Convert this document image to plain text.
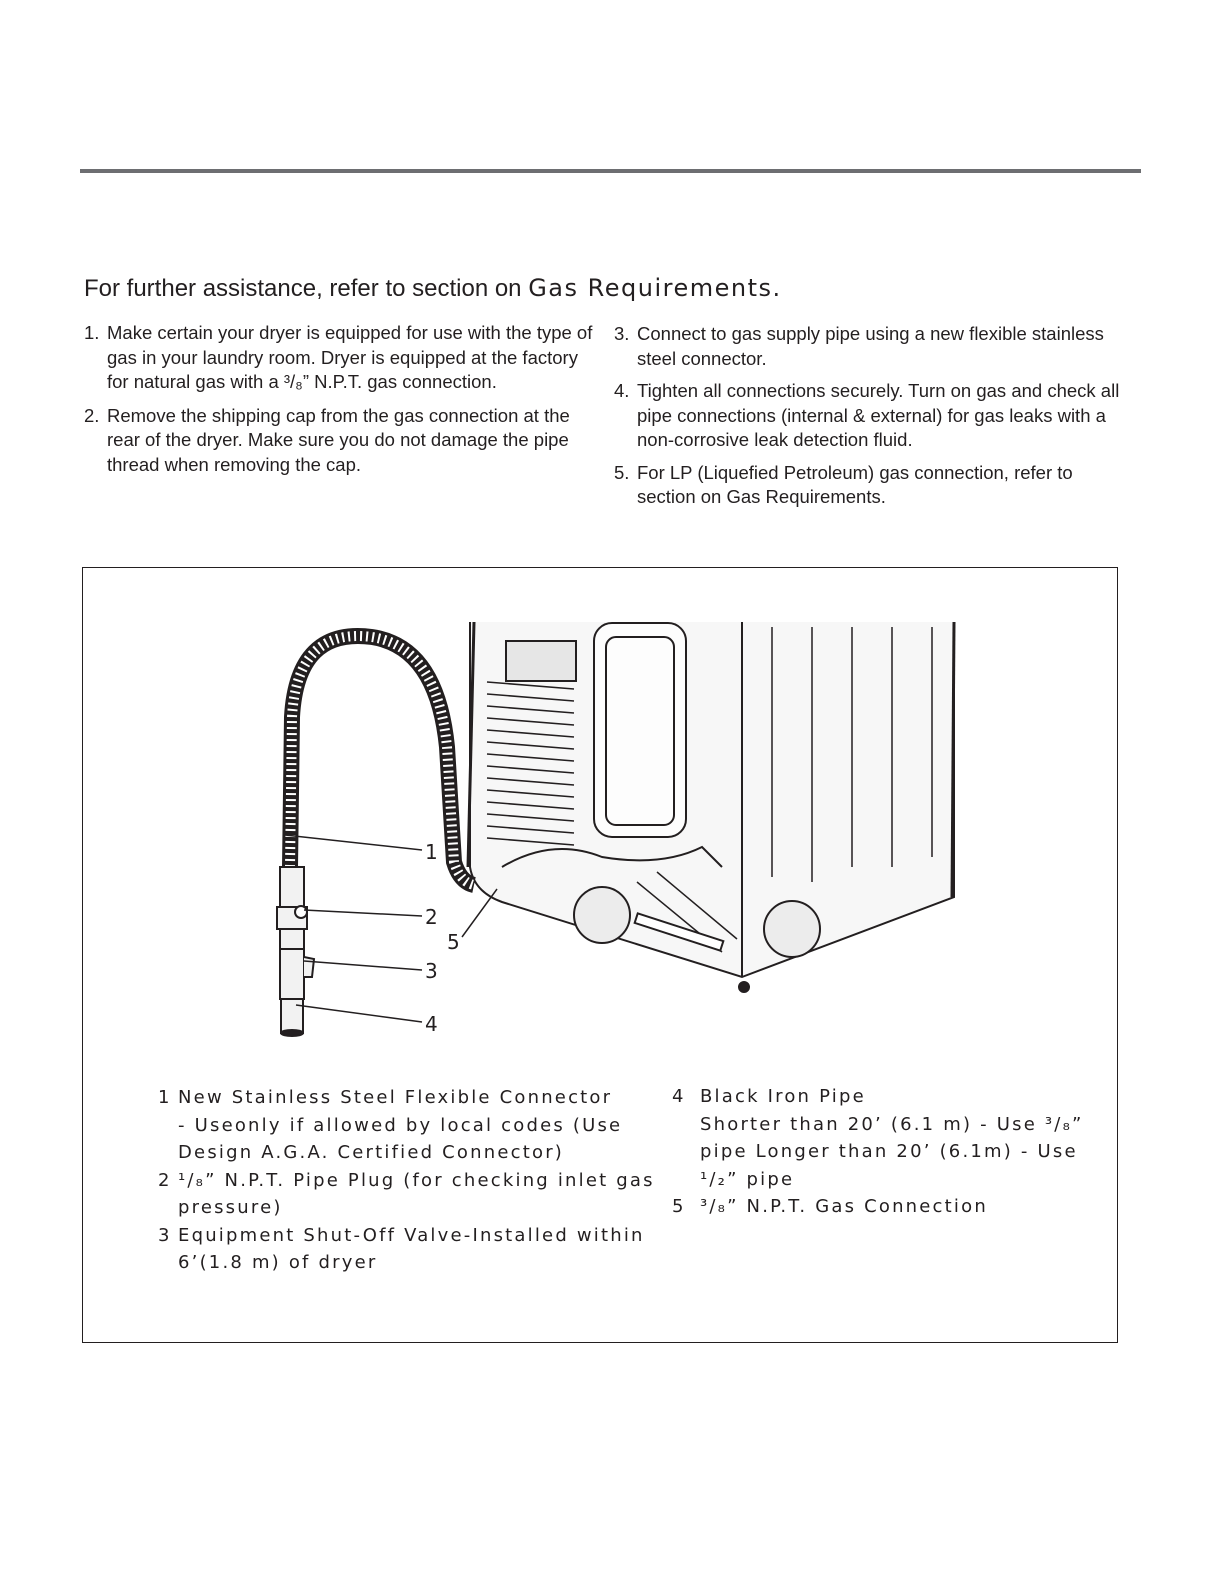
For further assistance, refer to section on Gas Requirements.
1. Make certain your dryer is equipped for use with the type of gas in your laundry room. Dryer is equipped at the factory for natural gas with a ³/₈” N.P.T. gas connection.
2. Remove the shipping cap from the gas connection at the rear of the dryer. Make sure you do not damage the pipe thread when removing the cap.
3. Connect to gas supply pipe using a new flexible stainless steel connector.
4. Tighten all connections securely. Turn on gas and check all pipe connections (internal & external) for gas leaks with a non-corrosive leak detection fluid.
5. For LP (Liquefied Petroleum) gas connection, refer to section on Gas Requirements.
1
2
3
4
5
1 New Stainless Steel Flexible Connector
- Useonly if allowed by local codes (Use Design A.G.A. Certified Connector)
2 ¹/₈” N.P.T. Pipe Plug (for checking inlet gas pressure)
3 Equipment Shut-Off Valve-Installed within 6’(1.8 m) of dryer
4 Black Iron Pipe
Shorter than 20’ (6.1 m) - Use ³/₈” pipe Longer than 20’ (6.1m) - Use ¹/₂” pipe
5 ³/₈” N.P.T. Gas Connection
